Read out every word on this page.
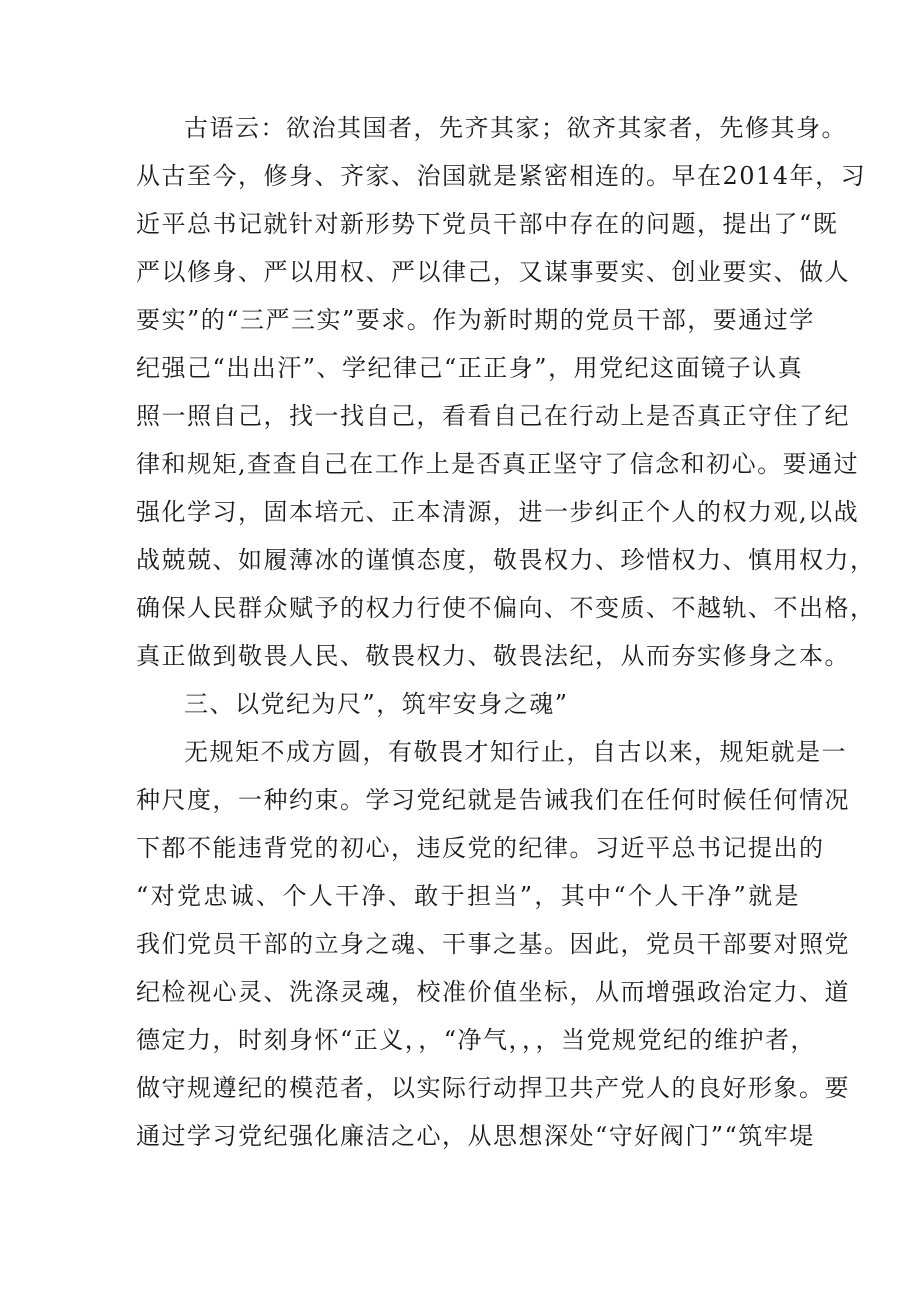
古语云：欲治其国者，先齐其家；欲齐其家者，先修其身。
从古至今，修身、齐家、治国就是紧密相连的。早在2014年，习
近平总书记就针对新形势下党员干部中存在的问题，提出了“既
严以修身、严以用权、严以律己，又谋事要实、创业要实、做人
要实”的“三严三实”要求。作为新时期的党员干部，要通过学
纪强己“出出汗”、学纪律己“正正身”，用党纪这面镜子认真
照一照自己，找一找自己，看看自己在行动上是否真正守住了纪
律和规矩,查查自己在工作上是否真正坚守了信念和初心。要通过
强化学习，固本培元、正本清源，进一步纠正个人的权力观,以战
战兢兢、如履薄冰的谨慎态度，敬畏权力、珍惜权力、慎用权力，
确保人民群众赋予的权力行使不偏向、不变质、不越轨、不出格，
真正做到敬畏人民、敬畏权力、敬畏法纪，从而夯实修身之本。
三、以党纪为尺”，筑牢安身之魂”
无规矩不成方圆，有敬畏才知行止，自古以来，规矩就是一
种尺度，一种约束。学习党纪就是告诫我们在任何时候任何情况
下都不能违背党的初心，违反党的纪律。习近平总书记提出的
“对党忠诚、个人干净、敢于担当”，其中“个人干净”就是
我们党员干部的立身之魂、干事之基。因此，党员干部要对照党
纪检视心灵、洗涤灵魂，校准价值坐标，从而增强政治定力、道
德定力，时刻身怀“正义，，“净气，，，当党规党纪的维护者，
做守规遵纪的模范者，以实际行动捍卫共产党人的良好形象。要
通过学习党纪强化廉洁之心，从思想深处“守好阀门”“筑牢堤
